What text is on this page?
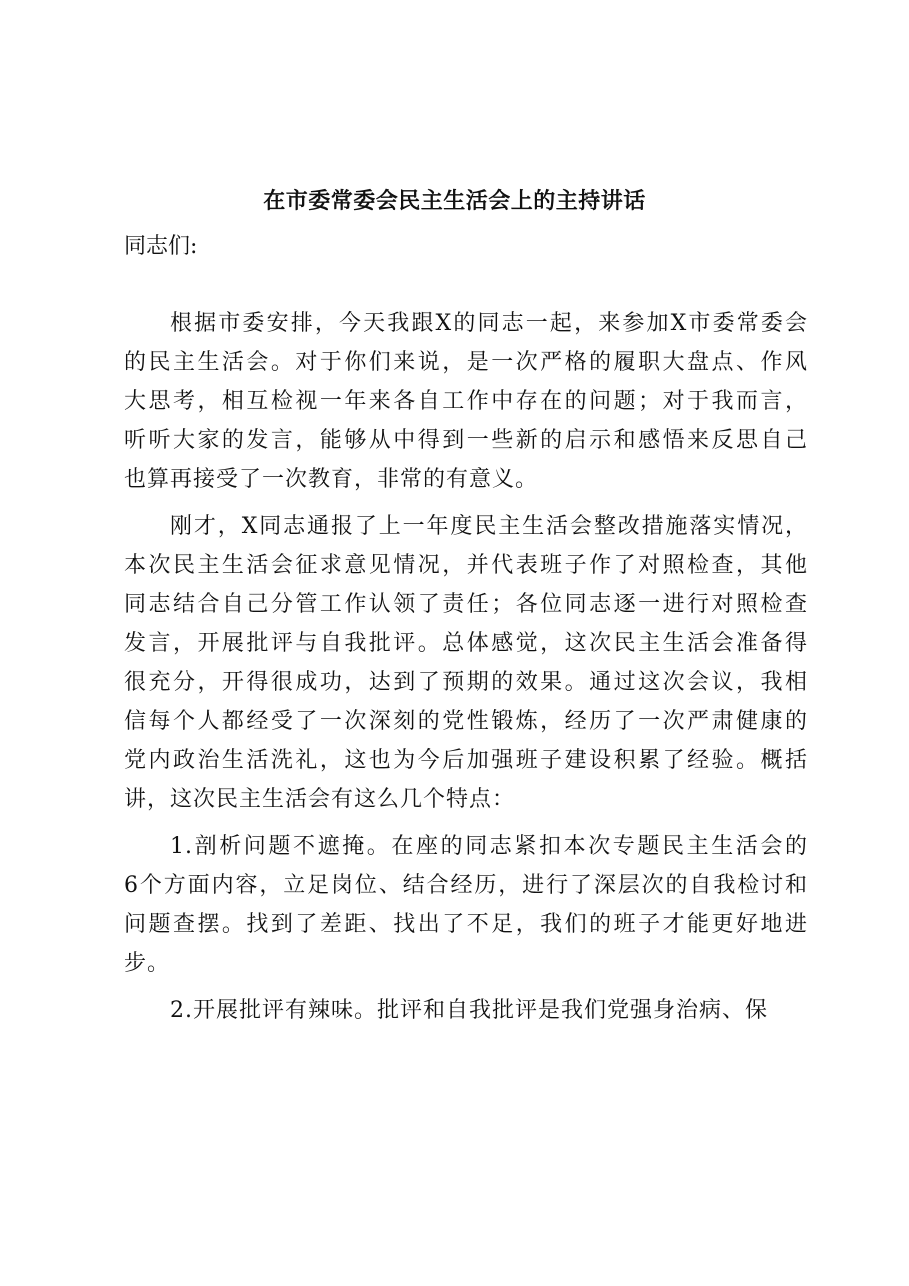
在市委常委会民主生活会上的主持讲话

同志们:

根据市委安排，今天我跟X的同志一起，来参加X市委常委会
的民主生活会。对于你们来说，是一次严格的履职大盘点、作风
大思考，相互检视一年来各自工作中存在的问题；对于我而言，
听听大家的发言，能够从中得到一些新的启示和感悟来反思自己
也算再接受了一次教育，非常的有意义。

刚才，X同志通报了上一年度民主生活会整改措施落实情况，
本次民主生活会征求意见情况，并代表班子作了对照检查，其他
同志结合自己分管工作认领了责任；各位同志逐一进行对照检查
发言，开展批评与自我批评。总体感觉，这次民主生活会准备得
很充分，开得很成功，达到了预期的效果。通过这次会议，我相
信每个人都经受了一次深刻的党性锻炼，经历了一次严肃健康的
党内政治生活洗礼，这也为今后加强班子建设积累了经验。概括
讲，这次民主生活会有这么几个特点：

1.剖析问题不遮掩。在座的同志紧扣本次专题民主生活会的
6个方面内容，立足岗位、结合经历，进行了深层次的自我检讨和
问题查摆。找到了差距、找出了不足，我们的班子才能更好地进
步。

2.开展批评有辣味。批评和自我批评是我们党强身治病、保
